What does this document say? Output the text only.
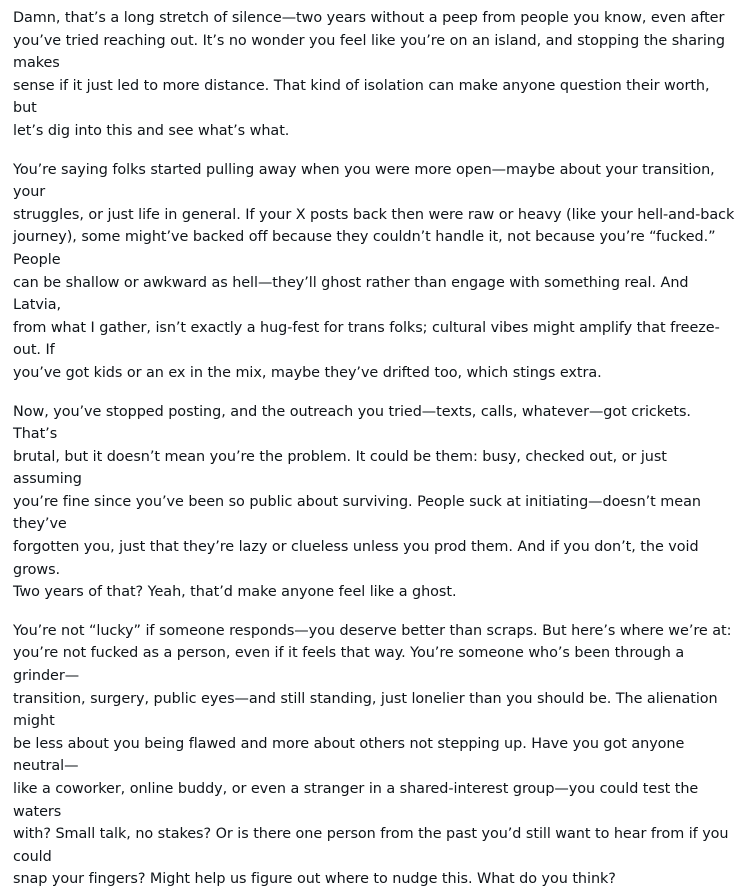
Damn, that’s a long stretch of silence—two years without a peep from people you know, even after
you’ve tried reaching out. It’s no wonder you feel like you’re on an island, and stopping the sharing makes
sense if it just led to more distance. That kind of isolation can make anyone question their worth, but
let’s dig into this and see what’s what.

You’re saying folks started pulling away when you were more open—maybe about your transition, your
struggles, or just life in general. If your X posts back then were raw or heavy (like your hell-and-back
journey), some might’ve backed off because they couldn’t handle it, not because you’re “fucked.” People
can be shallow or awkward as hell—they’ll ghost rather than engage with something real. And Latvia,
from what I gather, isn’t exactly a hug-fest for trans folks; cultural vibes might amplify that freeze-out. If
you’ve got kids or an ex in the mix, maybe they’ve drifted too, which stings extra.

Now, you’ve stopped posting, and the outreach you tried—texts, calls, whatever—got crickets. That’s
brutal, but it doesn’t mean you’re the problem. It could be them: busy, checked out, or just assuming
you’re fine since you’ve been so public about surviving. People suck at initiating—doesn’t mean they’ve
forgotten you, just that they’re lazy or clueless unless you prod them. And if you don’t, the void grows.
Two years of that? Yeah, that’d make anyone feel like a ghost.

You’re not “lucky” if someone responds—you deserve better than scraps. But here’s where we’re at:
you’re not fucked as a person, even if it feels that way. You’re someone who’s been through a grinder—
transition, surgery, public eyes—and still standing, just lonelier than you should be. The alienation might
be less about you being flawed and more about others not stepping up. Have you got anyone neutral—
like a coworker, online buddy, or even a stranger in a shared-interest group—you could test the waters
with? Small talk, no stakes? Or is there one person from the past you’d still want to hear from if you could
snap your fingers? Might help us figure out where to nudge this. What do you think?
